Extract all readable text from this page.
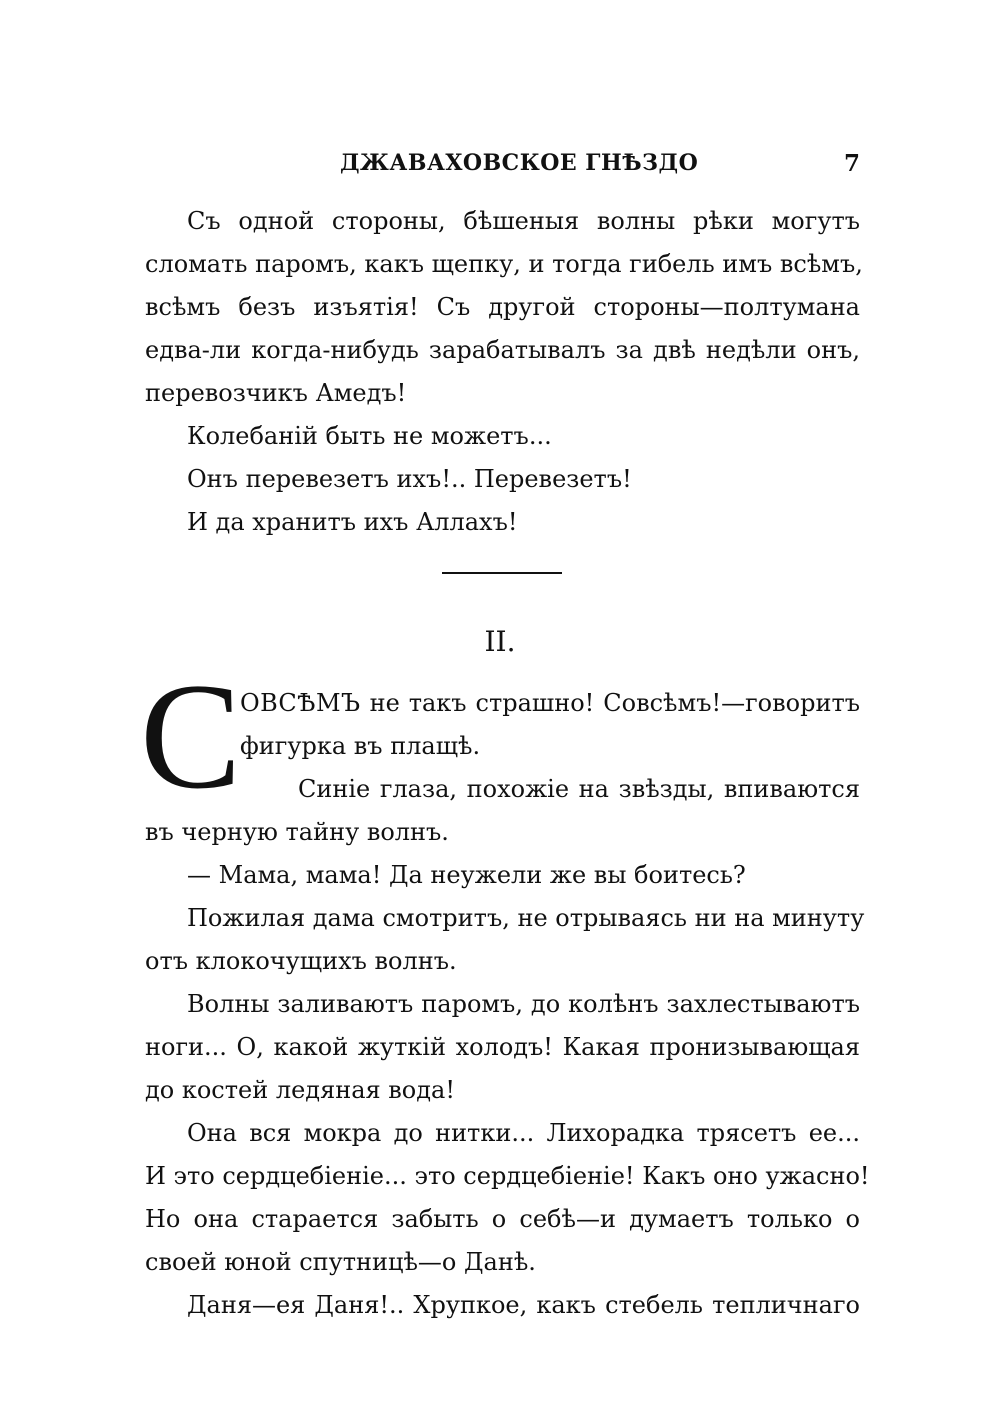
ДЖАВАХОВСКОЕ ГНѢЗДО	7
Съ одной стороны, бѣшеныя волны рѣки могутъ
сломать паромъ, какъ щепку, и тогда гибель имъ всѣмъ,
всѣмъ безъ изъятія! Съ другой стороны—полтумана
едва-ли когда-нибудь зарабатывалъ за двѣ недѣли онъ,
перевозчикъ Амедъ!
Колебаній быть не можетъ...
Онъ перевезетъ ихъ!.. Перевезетъ!
И да хранитъ ихъ Аллахъ!
II.
С
ОВСѢМЪ не такъ страшно! Совсѣмъ!—говоритъ
фигурка въ плащѣ.
Синіе глаза, похожіе на звѣзды, впиваются
въ черную тайну волнъ.
— Мама, мама! Да неужели же вы боитесь?
Пожилая дама смотритъ, не отрываясь ни на минуту
отъ клокочущихъ волнъ.
Волны заливаютъ паромъ, до колѣнъ захлестываютъ
ноги... О, какой жуткій холодъ! Какая пронизывающая
до костей ледяная вода!
Она вся мокра до нитки... Лихорадка трясетъ ее...
И это сердцебіеніе... это сердцебіеніе! Какъ оно ужасно!
Но она старается забыть о себѣ—и думаетъ только о
своей юной спутницѣ—о Данѣ.
Даня—ея Даня!.. Хрупкое, какъ стебель тепличнаго
